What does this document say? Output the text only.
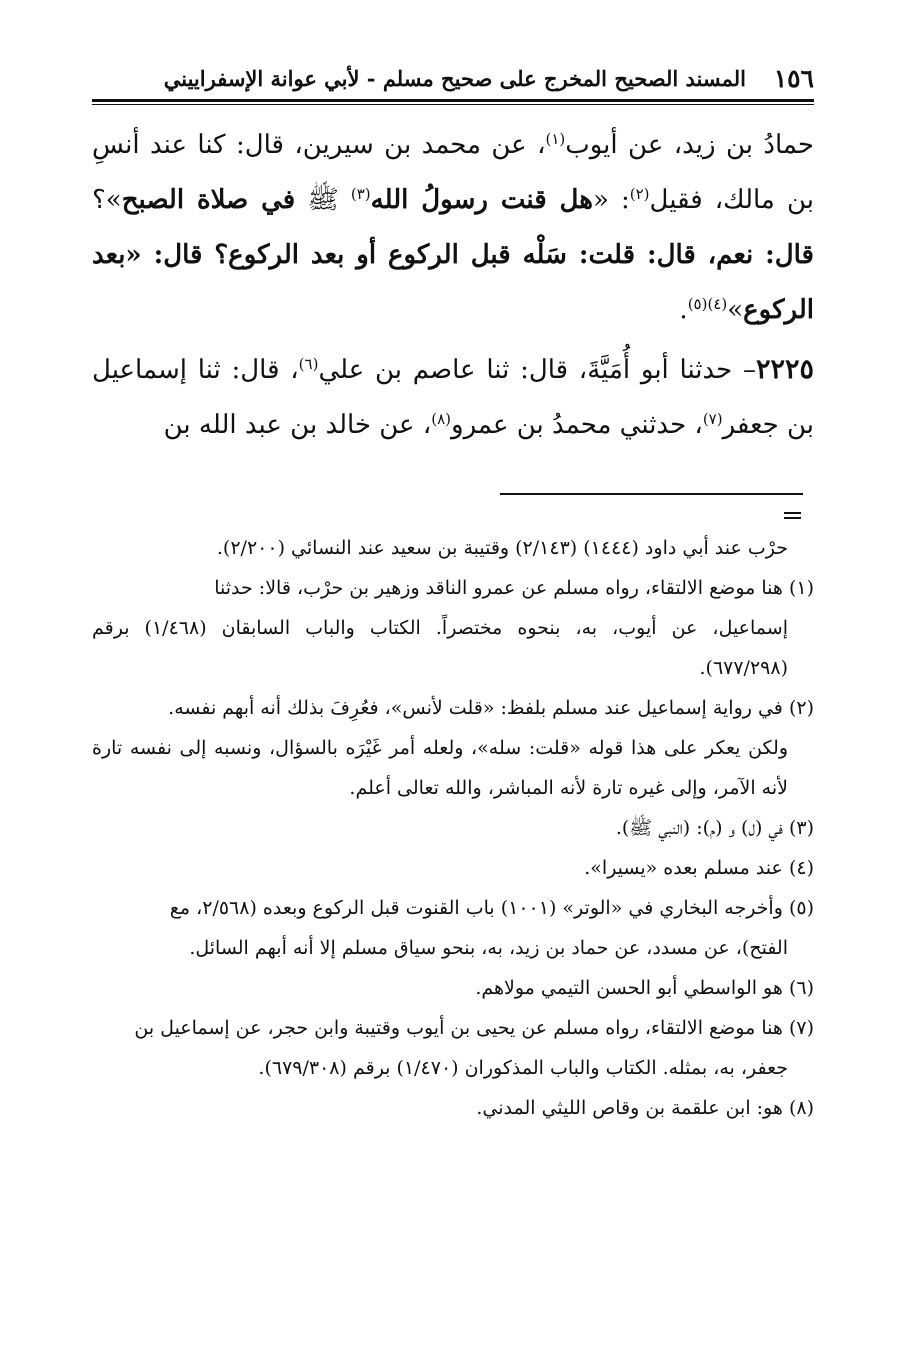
١٥٦
المسند الصحيح المخرج على صحيح مسلم - لأبي عوانة الإسفراييني

حمادُ بن زيد، عن أيوب$^{(١)}$، عن محمد بن سيرين، قال: كنا عند أنسِ بن مالك، فقيل$^{(٢)}$: «هل قنت رسولُ الله$^{(٣)}$ ﷺ في صلاة الصبح»؟ قال: نعم، قال: قلت: سَلْه قبل الركوع أو بعد الركوع؟ قال: «بعد الركوع»$^{(٤)(٥)}$.

٢٢٢٥– حدثنا أبو أُمَيَّةَ، قال: ثنا عاصم بن علي$^{(٦)}$، قال: ثنا إسماعيل بن جعفر$^{(٧)}$، حدثني محمدُ بن عمرو$^{(٨)}$، عن خالد بن عبد الله بن

حرْب عند أبي داود (١٤٤٤) (٢/١٤٣) وقتيبة بن سعيد عند النسائي (٢/٢٠٠).

(١) هنا موضع الالتقاء، رواه مسلم عن عمرو الناقد وزهير بن حرْب، قالا: حدثنا
إسماعيل، عن أيوب، به، بنحوه مختصراً. الكتاب والباب السابقان (١/٤٦٨) برقم (٦٧٧/٢٩٨).

(٢) في رواية إسماعيل عند مسلم بلفظ: «قلت لأنس»، فعُرِفَ بذلك أنه أبهم نفسه.
ولكن يعكر على هذا قوله «قلت: سله»، ولعله أمر غَيْرَه بالسؤال، ونسبه إلى نفسه تارة لأنه الآمر، وإلى غيره تارة لأنه المباشر، والله تعالى أعلم.

(٣) في (ل) و (م): (النبي ﷺ).

(٤) عند مسلم بعده «يسيرا».

(٥) وأخرجه البخاري في «الوتر» (١٠٠١) باب القنوت قبل الركوع وبعده (٢/٥٦٨، مع
الفتح)، عن مسدد، عن حماد بن زيد، به، بنحو سياق مسلم إلا أنه أبهم السائل.

(٦) هو الواسطي أبو الحسن التيمي مولاهم.

(٧) هنا موضع الالتقاء، رواه مسلم عن يحيى بن أيوب وقتيبة وابن حجر، عن إسماعيل بن
جعفر، به، بمثله. الكتاب والباب المذكوران (١/٤٧٠) برقم (٦٧٩/٣٠٨).

(٨) هو: ابن علقمة بن وقاص الليثي المدني.
